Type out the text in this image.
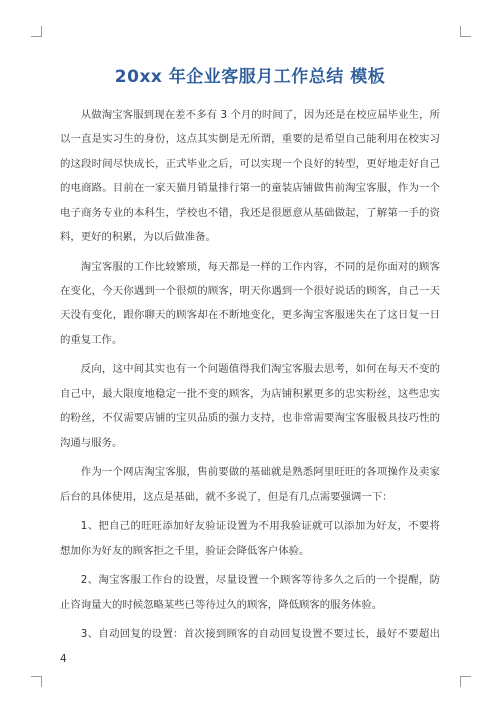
20xx 年企业客服月工作总结 模板

从做淘宝客服到现在差不多有 3 个月的时间了，因为还是在校应届毕业生，所以一直是实习生的身份，这点其实倒是无所谓，重要的是希望自己能利用在校实习的这段时间尽快成长，正式毕业之后，可以实现一个良好的转型，更好地走好自己的电商路。目前在一家天猫月销量排行第一的童装店铺做售前淘宝客服，作为一个电子商务专业的本科生，学校也不错，我还是很愿意从基础做起，了解第一手的资料，更好的积累，为以后做准备。

淘宝客服的工作比较繁琐，每天都是一样的工作内容，不同的是你面对的顾客在变化，今天你遇到一个很烦的顾客，明天你遇到一个很好说话的顾客，自己一天天没有变化，跟你聊天的顾客却在不断地变化，更多淘宝客服迷失在了这日复一日的重复工作。

反向，这中间其实也有一个问题值得我们淘宝客服去思考，如何在每天不变的自己中，最大限度地稳定一批不变的顾客，为店铺积累更多的忠实粉丝，这些忠实的粉丝，不仅需要店铺的宝贝品质的强力支持，也非常需要淘宝客服极具技巧性的沟通与服务。

作为一个网店淘宝客服，售前要做的基础就是熟悉阿里旺旺的各项操作及卖家后台的具体使用，这点是基础，就不多说了，但是有几点需要强调一下：

1、把自己的旺旺添加好友验证设置为不用我验证就可以添加为好友，不要将想加你为好友的顾客拒之千里，验证会降低客户体验。

2、淘宝客服工作台的设置，尽量设置一个顾客等待多久之后的一个提醒，防止咨询量大的时候忽略某些已等待过久的顾客，降低顾客的服务体验。

3、自动回复的设置：首次接到顾客的自动回复设置不要过长，最好不要超出 4
